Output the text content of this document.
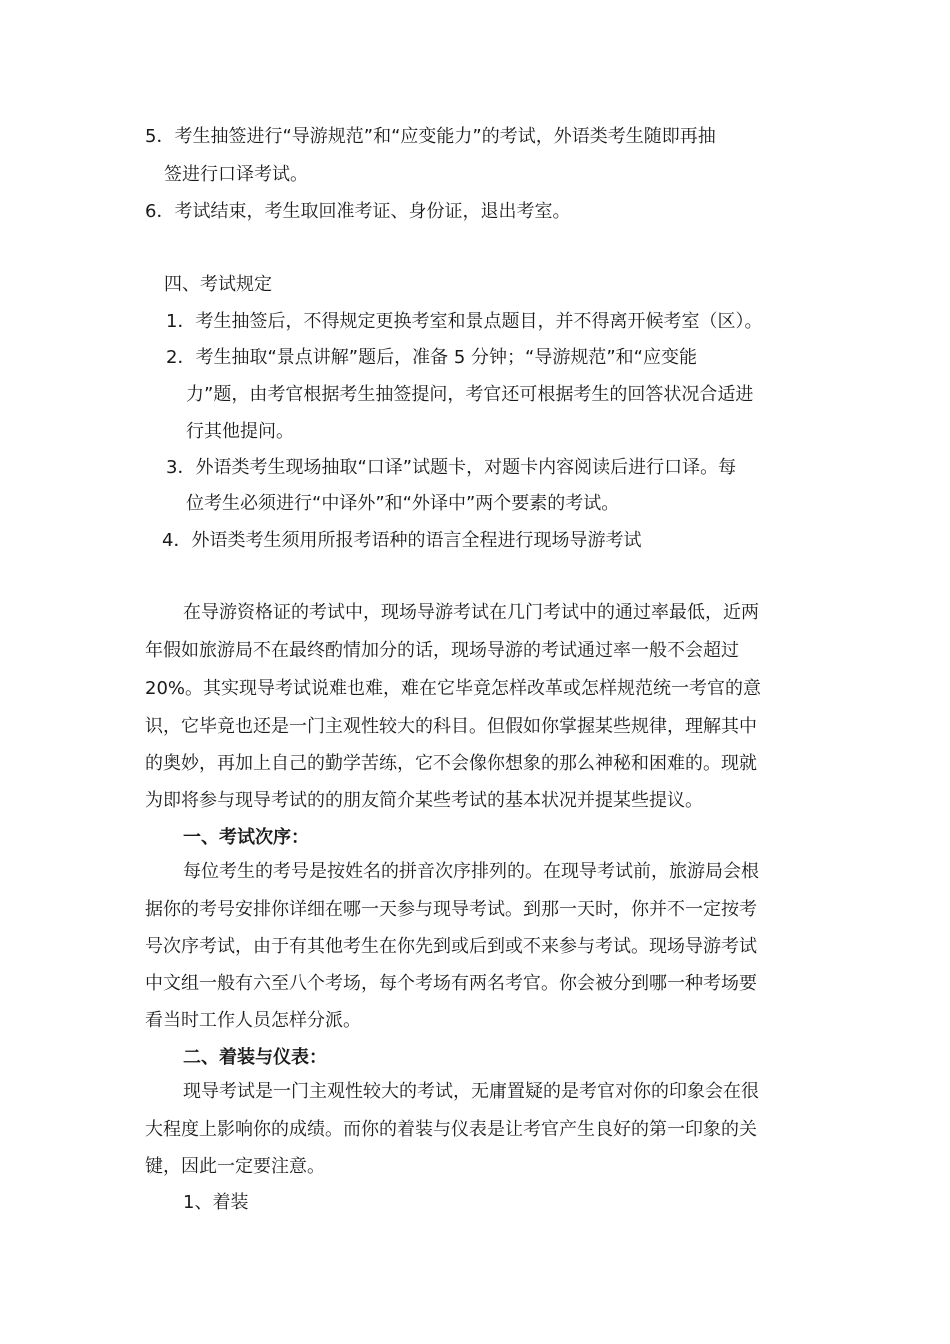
5．考生抽签进行“导游规范”和“应变能力”的考试，外语类考生随即再抽
签进行口译考试。
6．考试结束，考生取回准考证、身份证，退出考室。
四、考试规定
1．考生抽签后，不得规定更换考室和景点题目，并不得离开候考室（区）。
2．考生抽取“景点讲解”题后，准备 5 分钟；“导游规范”和“应变能
力”题，由考官根据考生抽签提问，考官还可根据考生的回答状况合适进
行其他提问。
3．外语类考生现场抽取“口译”试题卡，对题卡内容阅读后进行口译。每
位考生必须进行“中译外”和“外译中”两个要素的考试。
4．外语类考生须用所报考语种的语言全程进行现场导游考试
在导游资格证的考试中，现场导游考试在几门考试中的通过率最低，近两
年假如旅游局不在最终酌情加分的话，现场导游的考试通过率一般不会超过
20%。其实现导考试说难也难，难在它毕竟怎样改革或怎样规范统一考官的意
识，它毕竟也还是一门主观性较大的科目。但假如你掌握某些规律，理解其中
的奥妙，再加上自己的勤学苦练，它不会像你想象的那么神秘和困难的。现就
为即将参与现导考试的的朋友简介某些考试的基本状况并提某些提议。
一、考试次序：
每位考生的考号是按姓名的拼音次序排列的。在现导考试前，旅游局会根
据你的考号安排你详细在哪一天参与现导考试。到那一天时，你并不一定按考
号次序考试，由于有其他考生在你先到或后到或不来参与考试。现场导游考试
中文组一般有六至八个考场，每个考场有两名考官。你会被分到哪一种考场要
看当时工作人员怎样分派。
二、着装与仪表：
现导考试是一门主观性较大的考试，无庸置疑的是考官对你的印象会在很
大程度上影响你的成绩。而你的着装与仪表是让考官产生良好的第一印象的关
键，因此一定要注意。
1、着装
